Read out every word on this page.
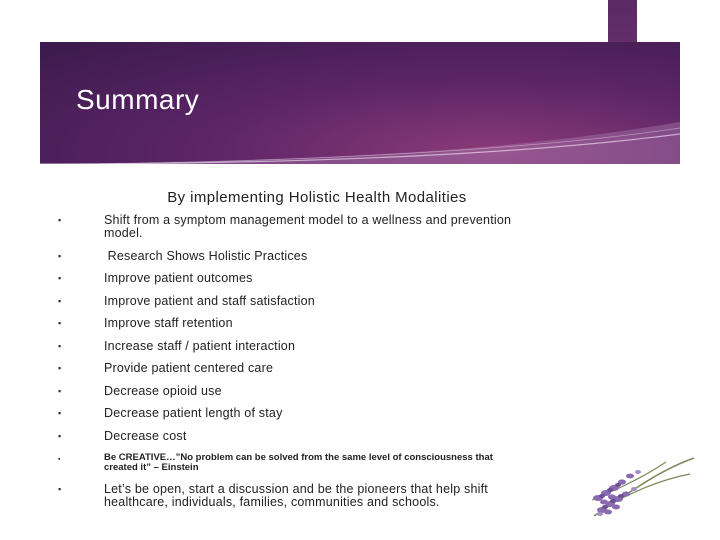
Summary
By implementing Holistic Health Modalities
▪	Shift from a symptom management model to a wellness and prevention
model.
▪	Research Shows Holistic Practices
▪	Improve patient outcomes
▪	Improve patient and staff satisfaction
▪	Improve staff retention
▪	Increase staff / patient interaction
▪	Provide patient centered care
▪	Decrease opioid use
▪	Decrease patient length of stay
▪	Decrease cost
▪	Be CREATIVE…”No problem can be solved from the same level of consciousness that
created it” – Einstein
▪	Let’s be open, start a discussion and be the pioneers that help shift
healthcare, individuals, families, communities and schools.
